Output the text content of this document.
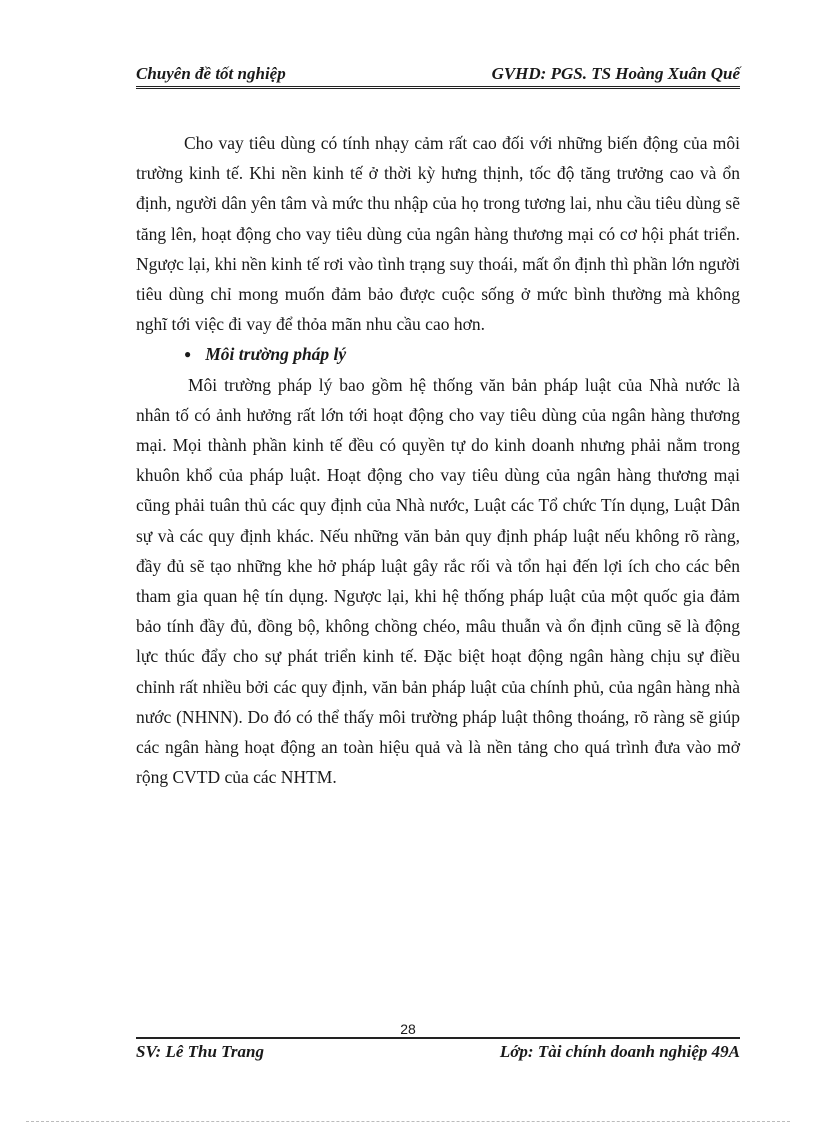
Chuyên đề tốt nghiệp	GVHD: PGS. TS Hoàng Xuân Quế

Cho vay tiêu dùng có tính nhạy cảm rất cao đối với những biến động của môi trường kinh tế. Khi nền kinh tế ở thời kỳ hưng thịnh, tốc độ tăng trưởng cao và ổn định, người dân yên tâm và mức thu nhập của họ trong tương lai, nhu cầu tiêu dùng sẽ tăng lên, hoạt động cho vay tiêu dùng của ngân hàng thương mại có cơ hội phát triển. Ngược lại, khi nền kinh tế rơi vào tình trạng suy thoái, mất ổn định thì phần lớn người tiêu dùng chỉ mong muốn đảm bảo được cuộc sống ở mức bình thường mà không nghĩ tới việc đi vay để thỏa mãn nhu cầu cao hơn.

● Môi trường pháp lý

Môi trường pháp lý bao gồm hệ thống văn bản pháp luật của Nhà nước là nhân tố có ảnh hưởng rất lớn tới hoạt động cho vay tiêu dùng của ngân hàng thương mại. Mọi thành phần kinh tế đều có quyền tự do kinh doanh nhưng phải nằm trong khuôn khổ của pháp luật. Hoạt động cho vay tiêu dùng của ngân hàng thương mại cũng phải tuân thủ các quy định của Nhà nước, Luật các Tổ chức Tín dụng, Luật Dân sự và các quy định khác. Nếu những văn bản quy định pháp luật nếu không rõ ràng, đầy đủ sẽ tạo những khe hở pháp luật gây rắc rối và tổn hại đến lợi ích cho các bên tham gia quan hệ tín dụng. Ngược lại, khi hệ thống pháp luật của một quốc gia đảm bảo tính đầy đủ, đồng bộ, không chồng chéo, mâu thuẫn và ổn định cũng sẽ là động lực thúc đẩy cho sự phát triển kinh tế. Đặc biệt hoạt động ngân hàng chịu sự điều chỉnh rất nhiều bởi các quy định, văn bản pháp luật của chính phủ, của ngân hàng nhà nước (NHNN). Do đó có thể thấy môi trường pháp luật thông thoáng, rõ ràng sẽ giúp các ngân hàng hoạt động an toàn hiệu quả và là nền tảng cho quá trình đưa vào mở rộng CVTD của các NHTM.

28
SV: Lê Thu Trang	Lớp: Tài chính doanh nghiệp 49A
